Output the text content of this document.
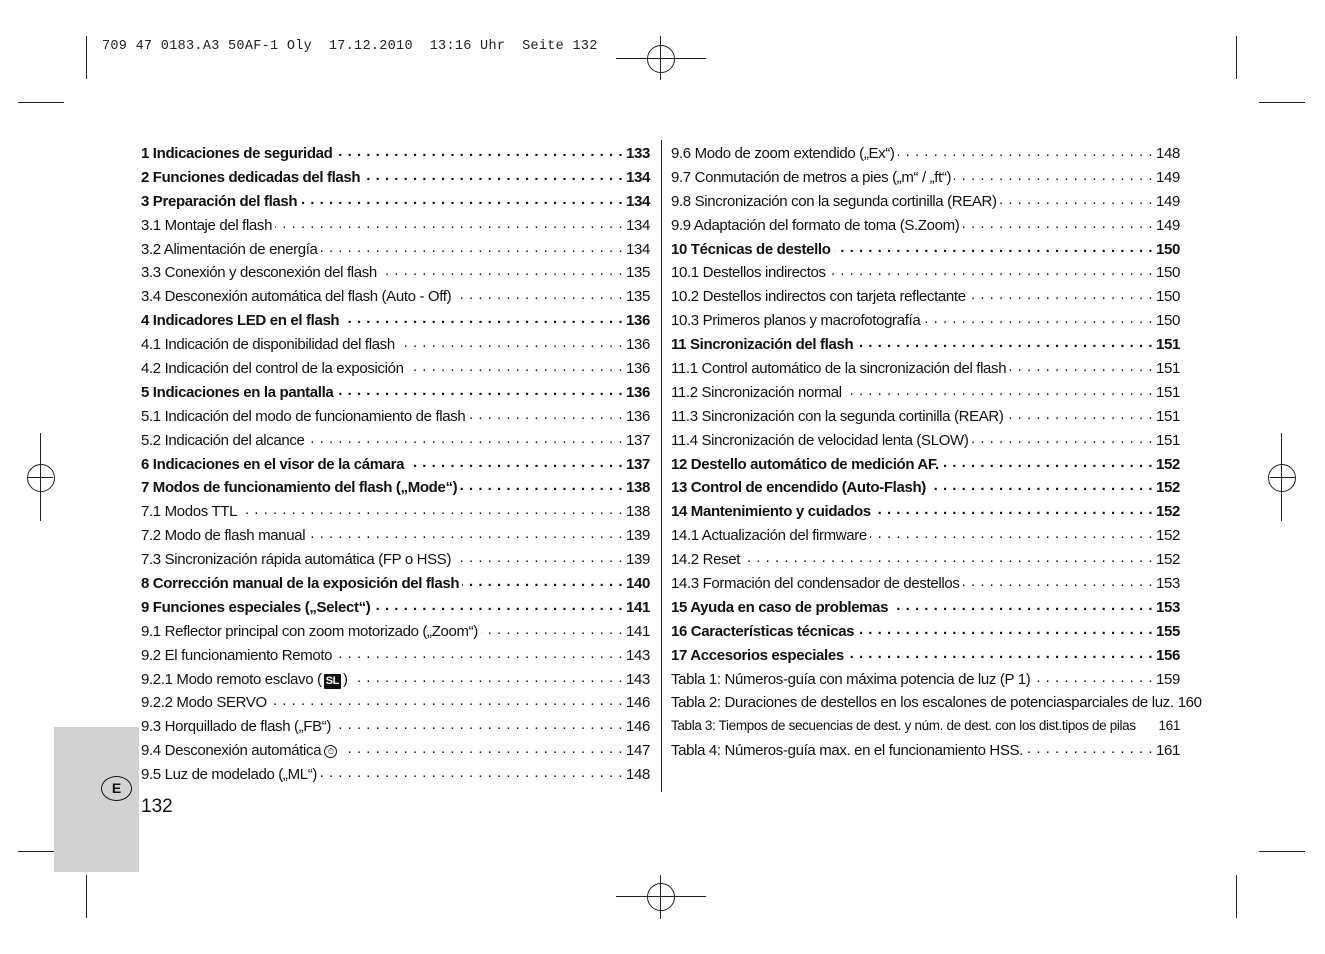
709 47 0183.A3 50AF-1 Oly  17.12.2010  13:16 Uhr  Seite 132
E
132
1 Indicaciones de seguridad . . .	133
2 Funciones dedicadas del flash . . .	134
3 Preparación del flash . . .	134
3.1 Montaje del flash . . .	134
3.2 Alimentación de energía . . .	134
3.3 Conexión y desconexión del flash . . .	135
3.4 Desconexión automática del flash (Auto - Off) . . .	135
4 Indicadores LED en el flash . . .	136
4.1 Indicación de disponibilidad del flash . . .	136
4.2 Indicación del control de la exposición . . .	136
5 Indicaciones en la pantalla . . .	136
5.1 Indicación del modo de funcionamiento de flash . . .	136
5.2 Indicación del alcance . . .	137
6 Indicaciones en el visor de la cámara . . .	137
7 Modos de funcionamiento del flash („Mode“) . . .	138
7.1 Modos TTL . . .	138
7.2 Modo de flash manual . . .	139
7.3 Sincronización rápida automática (FP o HSS) . . .	139
8 Corrección manual de la exposición del flash . . .	140
9 Funciones especiales („Select“) . . .	141
9.1 Reflector principal con zoom motorizado („Zoom“) . . .	141
9.2 El funcionamiento Remoto . . .	143
9.2.1 Modo remoto esclavo ( SL ) . . .	143
9.2.2 Modo SERVO . . .	146
9.3 Horquillado de flash („FB“) . . .	146
9.4 Desconexión automática ⏱ . . .	147
9.5 Luz de modelado („ML“) . . .	148
9.6 Modo de zoom extendido („Ex“) . . .	148
9.7 Conmutación de metros a pies („m“ / „ft“) . . .	149
9.8 Sincronización con la segunda cortinilla (REAR) . . .	149
9.9 Adaptación del formato de toma (S.Zoom) . . .	149
10 Técnicas de destello . . .	150
10.1 Destellos indirectos . . .	150
10.2 Destellos indirectos con tarjeta reflectante . . .	150
10.3 Primeros planos y macrofotografía . . .	150
11 Sincronización del flash . . .	151
11.1 Control automático de la sincronización del flash . . .	151
11.2 Sincronización normal . . .	151
11.3 Sincronización con la segunda cortinilla (REAR) . . .	151
11.4 Sincronización de velocidad lenta (SLOW) . . .	151
12 Destello automático de medición AF. . . .	152
13 Control de encendido (Auto-Flash) . . .	152
14 Mantenimiento y cuidados . . .	152
14.1 Actualización del firmware . . .	152
14.2 Reset . . .	152
14.3 Formación del condensador de destellos . . .	153
15 Ayuda en caso de problemas . . .	153
16 Características técnicas . . .	155
17 Accesorios especiales . . .	156
Tabla 1: Números-guía con máxima potencia de luz (P 1) . . .	159
Tabla 2: Duraciones de destellos en los escalones de potenciasparciales de luz. 160
Tabla 3: Tiempos de secuencias de dest. y núm. de dest. con los dist.tipos de pilas 161
Tabla 4: Números-guía max. en el funcionamiento HSS. . . .	161
